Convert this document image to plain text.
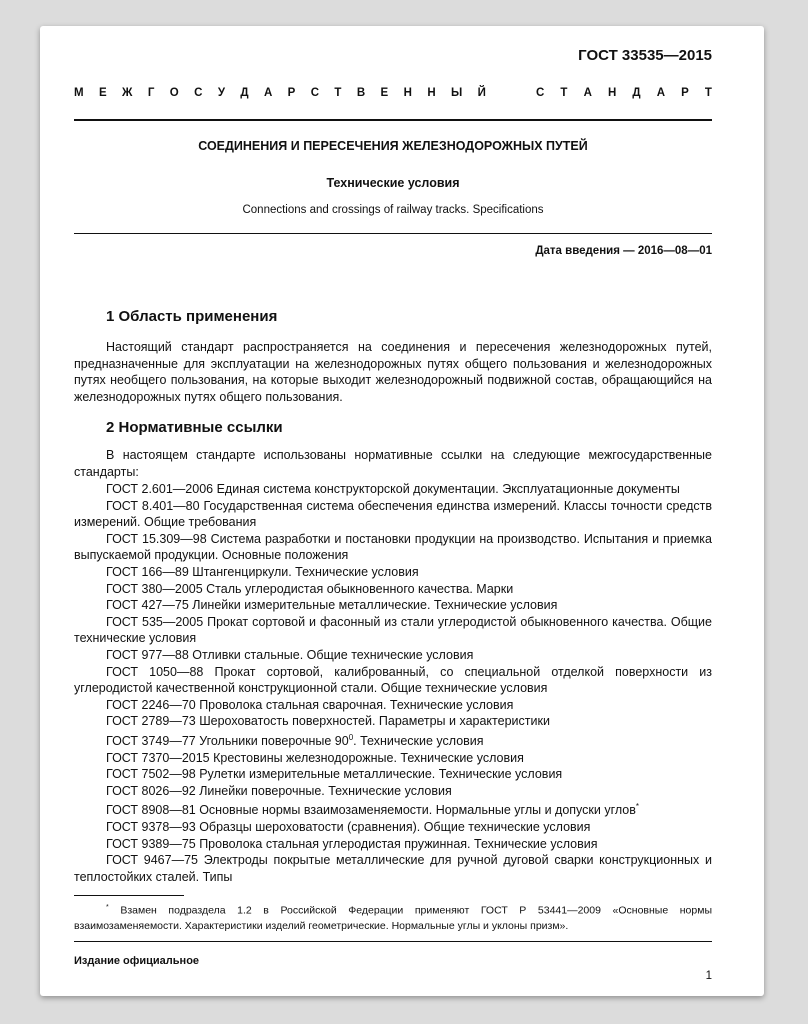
ГОСТ 33535—2015
М Е Ж Г О С У Д А Р С Т В Е Н Н Ы Й	С Т А Н Д А Р Т
СОЕДИНЕНИЯ И ПЕРЕСЕЧЕНИЯ ЖЕЛЕЗНОДОРОЖНЫХ ПУТЕЙ
Технические условия
Connections and crossings of railway tracks. Specifications
Дата введения — 2016—08—01
1 Область применения
Настоящий стандарт распространяется на соединения и пересечения железнодорожных путей, предназначенные для эксплуатации на железнодорожных путях общего пользования и железнодорожных путях необщего пользования, на которые выходит железнодорожный подвижной состав, обращающийся на железнодорожных путях общего пользования.
2 Нормативные ссылки
В настоящем стандарте использованы нормативные ссылки на следующие межгосударственные стандарты:
ГОСТ 2.601—2006 Единая система конструкторской документации. Эксплуатационные документы
ГОСТ 8.401—80 Государственная система обеспечения единства измерений. Классы точности средств измерений. Общие требования
ГОСТ 15.309—98 Система разработки и постановки продукции на производство. Испытания и приемка выпускаемой продукции. Основные положения
ГОСТ 166—89 Штангенциркули. Технические условия
ГОСТ 380—2005 Сталь углеродистая обыкновенного качества. Марки
ГОСТ 427—75 Линейки измерительные металлические. Технические условия
ГОСТ 535—2005 Прокат сортовой и фасонный из стали углеродистой обыкновенного качества. Общие технические условия
ГОСТ 977—88 Отливки стальные. Общие технические условия
ГОСТ 1050—88 Прокат сортовой, калиброванный, со специальной отделкой поверхности из углеродистой качественной конструкционной стали. Общие технические условия
ГОСТ 2246—70 Проволока стальная сварочная. Технические условия
ГОСТ 2789—73 Шероховатость поверхностей. Параметры и характеристики
ГОСТ 3749—77 Угольники поверочные $90^0$. Технические условия
ГОСТ 7370—2015 Крестовины железнодорожные. Технические условия
ГОСТ 7502—98 Рулетки измерительные металлические. Технические условия
ГОСТ 8026—92 Линейки поверочные. Технические условия
ГОСТ 8908—81 Основные нормы взаимозаменяемости. Нормальные углы и допуски углов*
ГОСТ 9378—93 Образцы шероховатости (сравнения). Общие технические условия
ГОСТ 9389—75 Проволока стальная углеродистая пружинная. Технические условия
ГОСТ 9467—75 Электроды покрытые металлические для ручной дуговой сварки конструкционных и теплостойких сталей. Типы
* Взамен подраздела 1.2 в Российской Федерации применяют ГОСТ Р 53441—2009 «Основные нормы взаимозаменяемости. Характеристики изделий геометрические. Нормальные углы и уклоны призм».
Издание официальное
1
